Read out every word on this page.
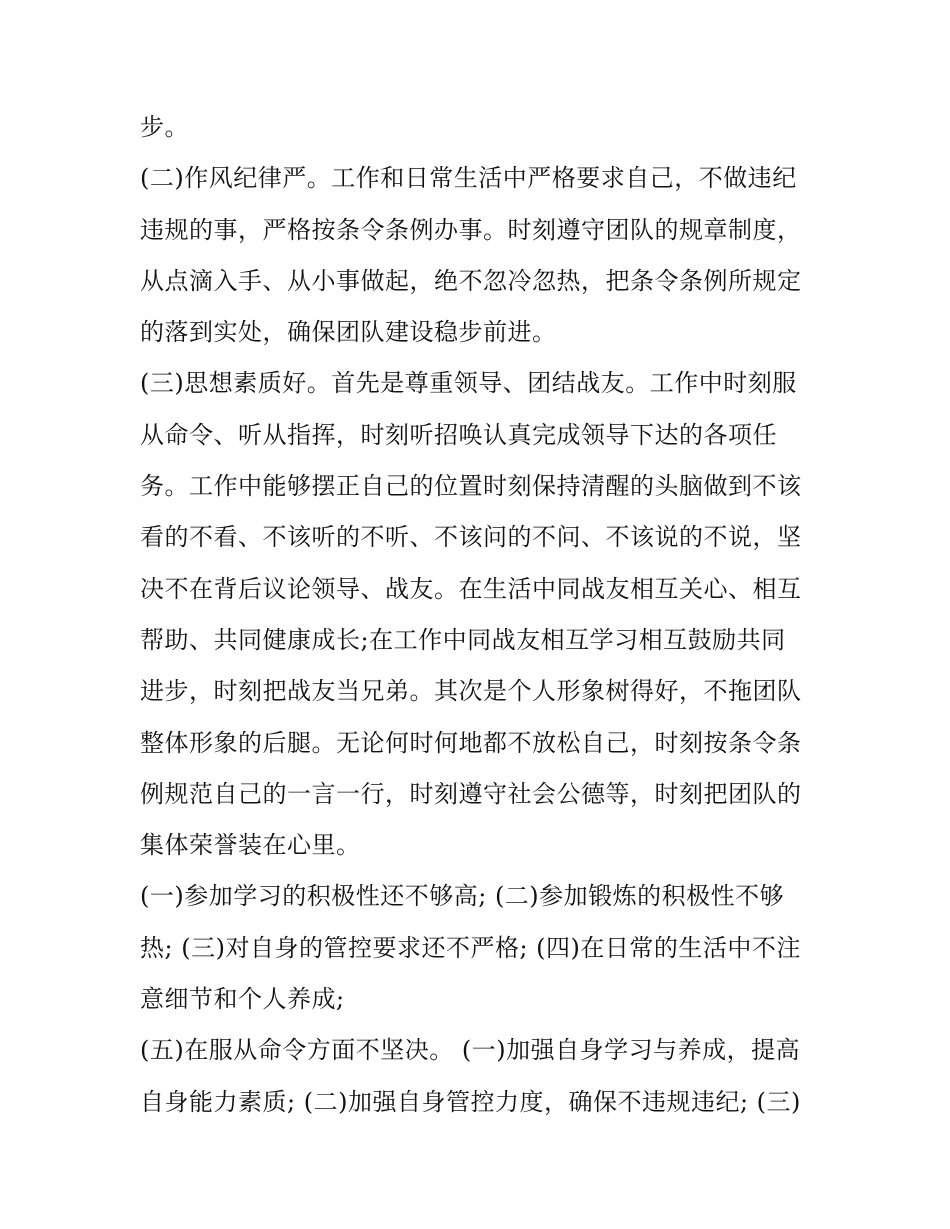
步。
(二)作风纪律严。工作和日常生活中严格要求自己，不做违纪
违规的事，严格按条令条例办事。时刻遵守团队的规章制度，
从点滴入手、从小事做起，绝不忽冷忽热，把条令条例所规定
的落到实处，确保团队建设稳步前进。
(三)思想素质好。首先是尊重领导、团结战友。工作中时刻服
从命令、听从指挥，时刻听招唤认真完成领导下达的各项任
务。工作中能够摆正自己的位置时刻保持清醒的头脑做到不该
看的不看、不该听的不听、不该问的不问、不该说的不说，坚
决不在背后议论领导、战友。在生活中同战友相互关心、相互
帮助、共同健康成长;在工作中同战友相互学习相互鼓励共同
进步，时刻把战友当兄弟。其次是个人形象树得好，不拖团队
整体形象的后腿。无论何时何地都不放松自己，时刻按条令条
例规范自己的一言一行，时刻遵守社会公德等，时刻把团队的
集体荣誉装在心里。
(一)参加学习的积极性还不够高; (二)参加锻炼的积极性不够
热; (三)对自身的管控要求还不严格; (四)在日常的生活中不注
意细节和个人养成;
(五)在服从命令方面不坚决。 (一)加强自身学习与养成，提高
自身能力素质; (二)加强自身管控力度，确保不违规违纪; (三)
